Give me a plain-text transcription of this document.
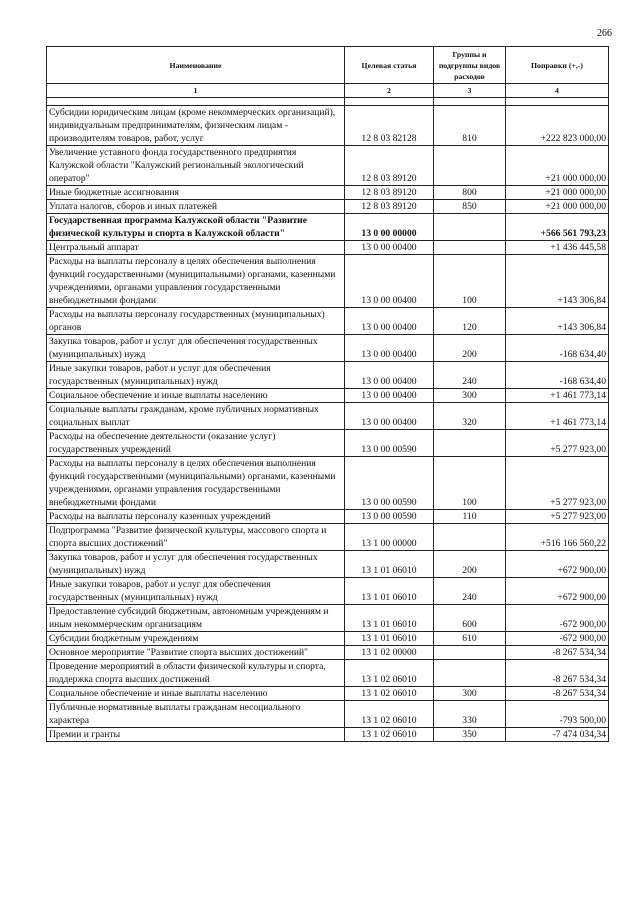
266
Наименование	Целевая статья	Группы и подгруппы видов расходов	Поправки (+,-)
1	2	3	4

Субсидии юридическим лицам (кроме некоммерческих организаций), индивидуальным предпринимателям, физическим лицам - производителям товаров, работ, услуг	12 8 03 82128	810	+222 823 000,00
Увеличение уставного фонда государственного предприятия Калужской области "Калужский региональный экологический оператор"	12 8 03 89120		+21 000 000,00
Иные бюджетные ассигнования	12 8 03 89120	800	+21 000 000,00
Уплата налогов, сборов и иных платежей	12 8 03 89120	850	+21 000 000,00
Государственная программа Калужской области "Развитие физической культуры и спорта в Калужской области"	13 0 00 00000		+566 561 793,23
Центральный аппарат	13 0 00 00400		+1 436 445,58
Расходы на выплаты персоналу в целях обеспечения выполнения функций государственными (муниципальными) органами, казенными учреждениями, органами управления государственными внебюджетными фондами	13 0 00 00400	100	+143 306,84
Расходы на выплаты персоналу государственных (муниципальных) органов	13 0 00 00400	120	+143 306,84
Закупка товаров, работ и услуг для обеспечения государственных (муниципальных) нужд	13 0 00 00400	200	-168 634,40
Иные закупки товаров, работ и услуг для обеспечения государственных (муниципальных) нужд	13 0 00 00400	240	-168 634,40
Социальное обеспечение и иные выплаты населению	13 0 00 00400	300	+1 461 773,14
Социальные выплаты гражданам, кроме публичных нормативных социальных выплат	13 0 00 00400	320	+1 461 773,14
Расходы на обеспечение деятельности (оказание услуг) государственных учреждений	13 0 00 00590		+5 277 923,00
Расходы на выплаты персоналу в целях обеспечения выполнения функций государственными (муниципальными) органами, казенными учреждениями, органами управления государственными внебюджетными фондами	13 0 00 00590	100	+5 277 923,00
Расходы на выплаты персоналу казенных учреждений	13 0 00 00590	110	+5 277 923,00
Подпрограмма "Развитие физической культуры, массового спорта и спорта высших достижений"	13 1 00 00000		+516 166 560,22
Закупка товаров, работ и услуг для обеспечения государственных (муниципальных) нужд	13 1 01 06010	200	+672 900,00
Иные закупки товаров, работ и услуг для обеспечения государственных (муниципальных) нужд	13 1 01 06010	240	+672 900,00
Предоставление субсидий бюджетным, автономным учреждениям и иным некоммерческим организациям	13 1 01 06010	600	-672 900,00
Субсидии бюджетным учреждениям	13 1 01 06010	610	-672 900,00
Основное мероприятие "Развитие спорта высших достижений"	13 1 02 00000		-8 267 534,34
Проведение мероприятий в области физической культуры и спорта, поддержка спорта высших достижений	13 1 02 06010		-8 267 534,34
Социальное обеспечение и иные выплаты населению	13 1 02 06010	300	-8 267 534,34
Публичные нормативные выплаты гражданам несоциального характера	13 1 02 06010	330	-793 500,00
Премии и гранты	13 1 02 06010	350	-7 474 034,34
